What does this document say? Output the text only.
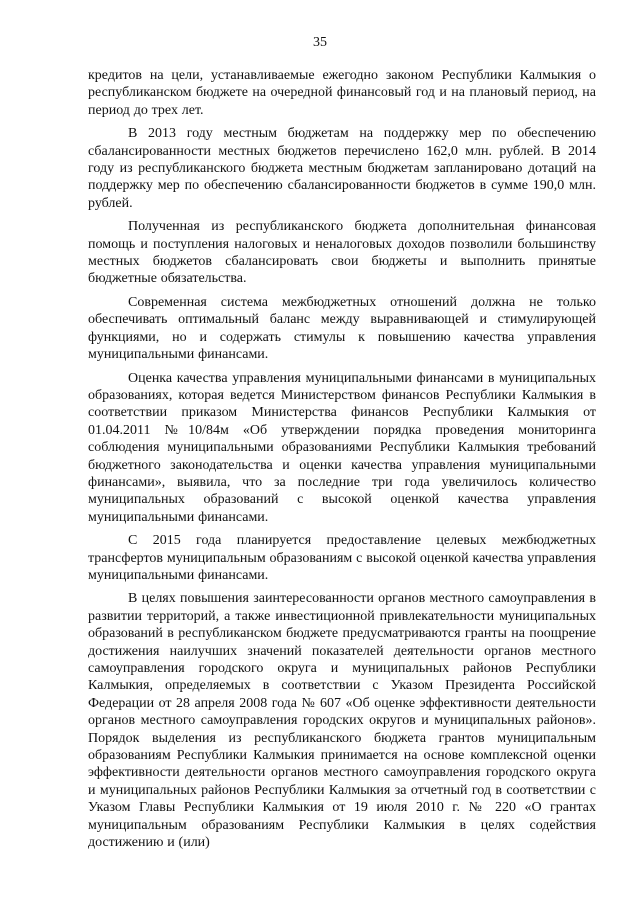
35

кредитов на цели, устанавливаемые ежегодно законом Республики Калмыкия о республиканском бюджете на очередной финансовый год и на плановый период, на период до трех лет.

В 2013 году местным бюджетам на поддержку мер по обеспечению сбалансированности местных бюджетов перечислено 162,0 млн. рублей. В 2014 году из республиканского бюджета местным бюджетам запланировано дотаций на поддержку мер по обеспечению сбалансированности бюджетов в сумме 190,0 млн. рублей.

Полученная из республиканского бюджета дополнительная финансовая помощь и поступления налоговых и неналоговых доходов позволили большинству местных бюджетов сбалансировать свои бюджеты и выполнить принятые бюджетные обязательства.

Современная система межбюджетных отношений должна не только обеспечивать оптимальный баланс между выравнивающей и стимулирующей функциями, но и содержать стимулы к повышению качества управления муниципальными финансами.

Оценка качества управления муниципальными финансами в муниципальных образованиях, которая ведется Министерством финансов Республики Калмыкия в соответствии приказом Министерства финансов Республики Калмыкия от 01.04.2011 №10/84м «Об утверждении порядка проведения мониторинга соблюдения муниципальными образованиями Республики Калмыкия требований бюджетного законодательства и оценки качества управления муниципальными финансами», выявила, что за последние три года увеличилось количество муниципальных образований с высокой оценкой качества управления муниципальными финансами.

С 2015 года планируется предоставление целевых межбюджетных трансфертов муниципальным образованиям с высокой оценкой качества управления муниципальными финансами.

В целях повышения заинтересованности органов местного самоуправления в развитии территорий, а также инвестиционной привлекательности муниципальных образований в республиканском бюджете предусматриваются гранты на поощрение достижения наилучших значений показателей деятельности органов местного самоуправления городского округа и муниципальных районов Республики Калмыкия, определяемых в соответствии с Указом Президента Российской Федерации от 28 апреля 2008 года № 607 «Об оценке эффективности деятельности органов местного самоуправления городских округов и муниципальных районов». Порядок выделения из республиканского бюджета грантов муниципальным образованиям Республики Калмыкия принимается на основе комплексной оценки эффективности деятельности органов местного самоуправления городского округа и муниципальных районов Республики Калмыкия за отчетный год в соответствии с Указом Главы Республики Калмыкия от 19 июля 2010 г. № 220 «О грантах муниципальным образованиям Республики Калмыкия в целях содействия достижению и (или)
